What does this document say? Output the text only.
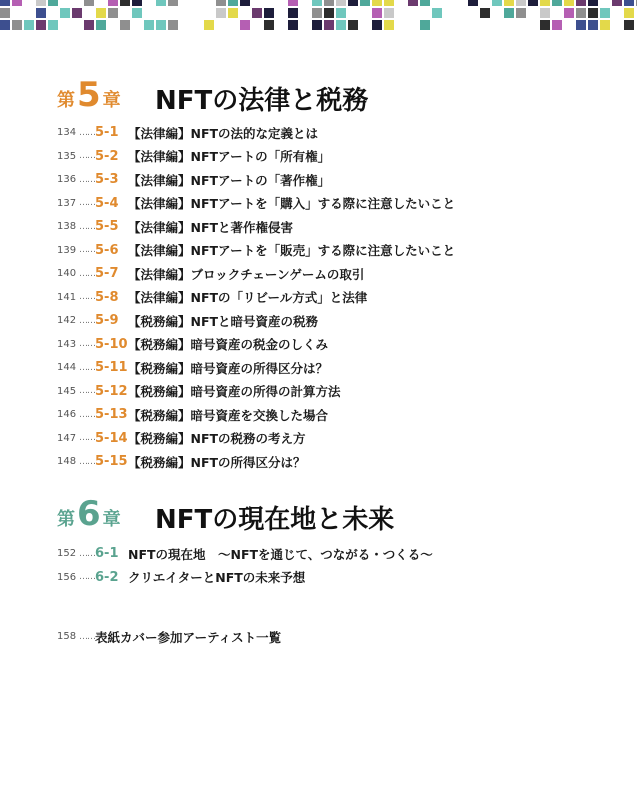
第 5 章 NFTの法律と税務
134 …… 5-1 【法律編】NFTの法的な定義とは
135 …… 5-2 【法律編】NFTアートの「所有権」
136 …… 5-3 【法律編】NFTアートの「著作権」
137 …… 5-4 【法律編】NFTアートを「購入」する際に注意したいこと
138 …… 5-5 【法律編】NFTと著作権侵害
139 …… 5-6 【法律編】NFTアートを「販売」する際に注意したいこと
140 …… 5-7 【法律編】ブロックチェーンゲームの取引
141 …… 5-8 【法律編】NFTの「リビール方式」と法律
142 …… 5-9 【税務編】NFTと暗号資産の税務
143 …… 5-10 【税務編】暗号資産の税金のしくみ
144 …… 5-11 【税務編】暗号資産の所得区分は？
145 …… 5-12 【税務編】暗号資産の所得の計算方法
146 …… 5-13 【税務編】暗号資産を交換した場合
147 …… 5-14 【税務編】NFTの税務の考え方
148 …… 5-15 【税務編】NFTの所得区分は？
第 6 章 NFTの現在地と未来
152 …… 6-1 NFTの現在地　～NFTを通じて、つながる・つくる～
156 …… 6-2 クリエイターとNFTの未来予想
158 …… 表紙カバー参加アーティスト一覧
